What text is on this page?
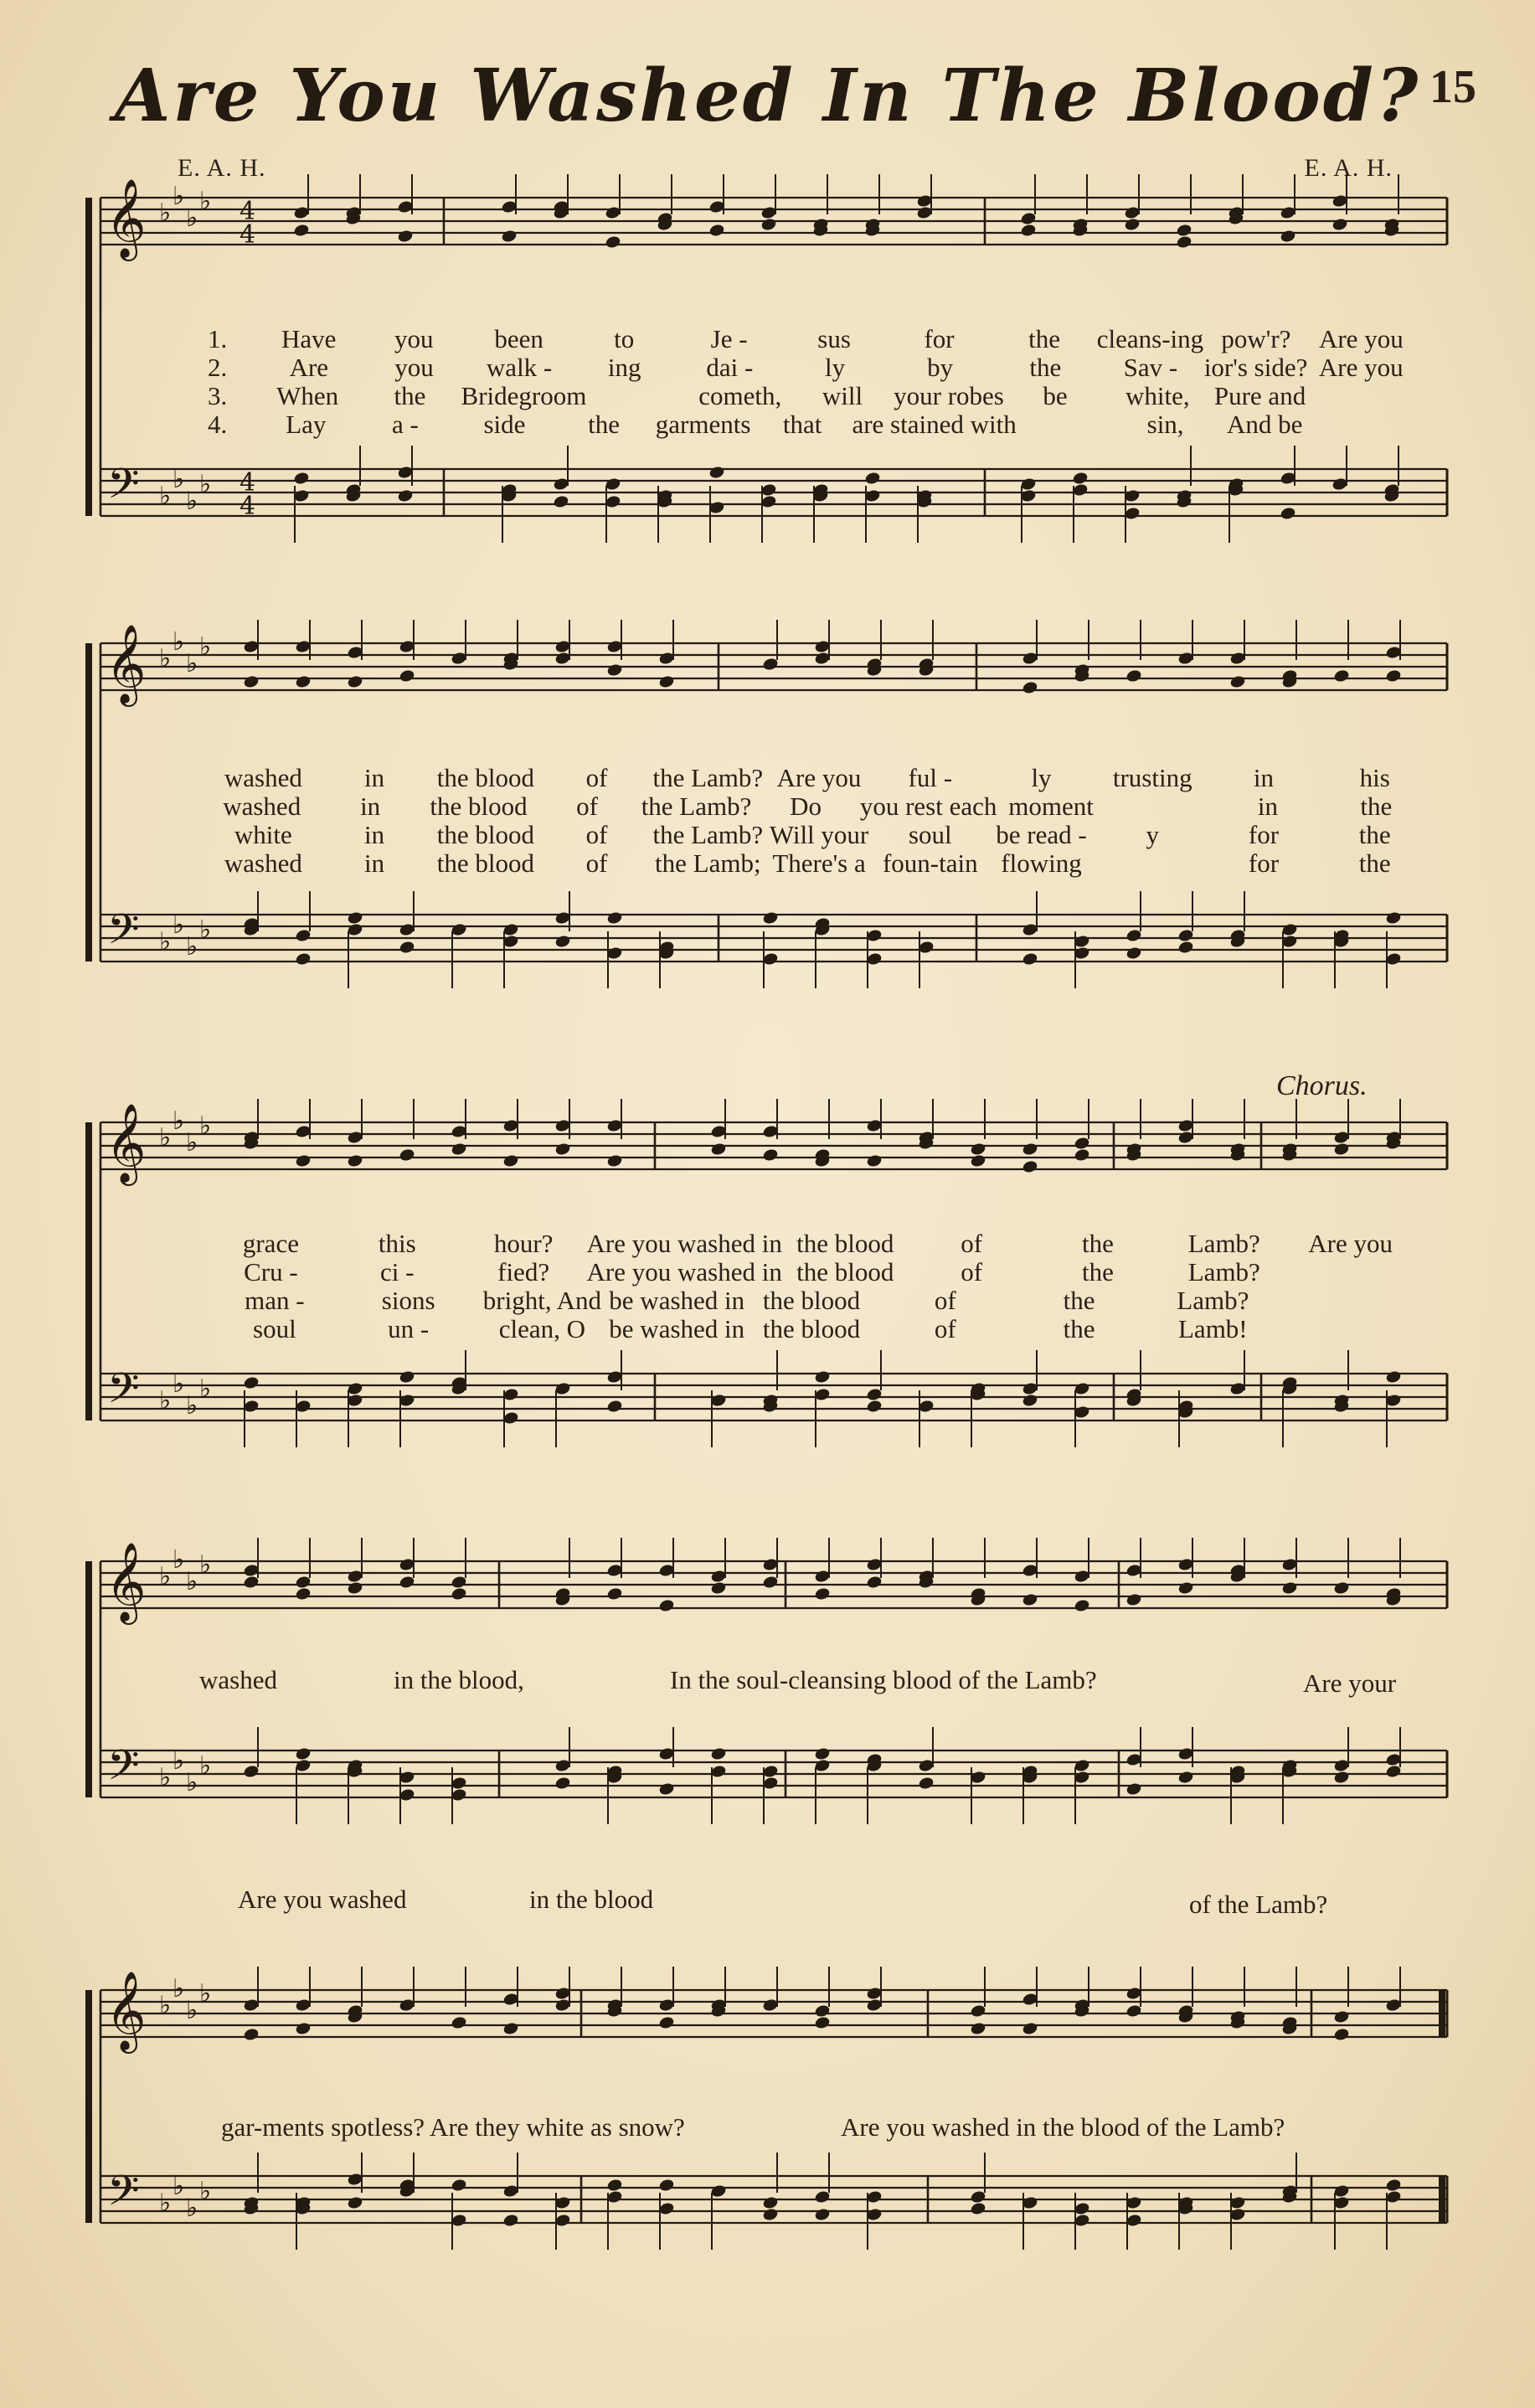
Are You Washed In The Blood? 15
E. A. H.	E. A. H.
Chorus.
𝄞
𝄢
♭
♭
♭
♭
♭
♭
♭
♭
4
4
4
4
𝄞
𝄢
♭
♭
♭
♭
♭
♭
♭
♭
𝄞
𝄢
♭
♭
♭
♭
♭
♭
♭
♭
𝄞
𝄢
♭
♭
♭
♭
♭
♭
♭
♭
𝄞
𝄢
♭
♭
♭
♭
♭
♭
♭
♭
1.	Have	you	been	to	Je -	sus	for	the	cleans-ing pow'r?	Are you
2.	Are	you	walk -	ing	dai -	ly	by	the	Sav -	ior's side? Are you
3.	When	the	Bridegroom	cometh,	will	your robes	be	white, Pure and
4.	Lay	a -	side	the	garments	that	are stained with	sin,	And be
washed	in	the blood	of	the Lamb? Are you	ful -	ly	trusting	in	his
washed	in	the blood	of	the Lamb?	Do	you rest each moment	in	the
white	in	the blood	of	the Lamb? Will your	soul	be read -	y	for	the
washed	in	the blood	of	the Lamb; There's a foun-tain flowing	for	the
grace	this	hour?	Are you washed in the blood	of	the	Lamb?	Are you
Cru -	ci -	fied?	Are you washed in the blood	of	the	Lamb?
man -	sions	bright, And be washed in the blood	of	the	Lamb?
soul	un -	clean, O be washed in the blood	of	the	Lamb!
washed	in the blood,	In the soul-cleansing blood of the Lamb?	Are your
Are you washed	in the blood	of the Lamb?
gar-ments spotless? Are they white as snow?	Are you washed in the blood of the Lamb?
